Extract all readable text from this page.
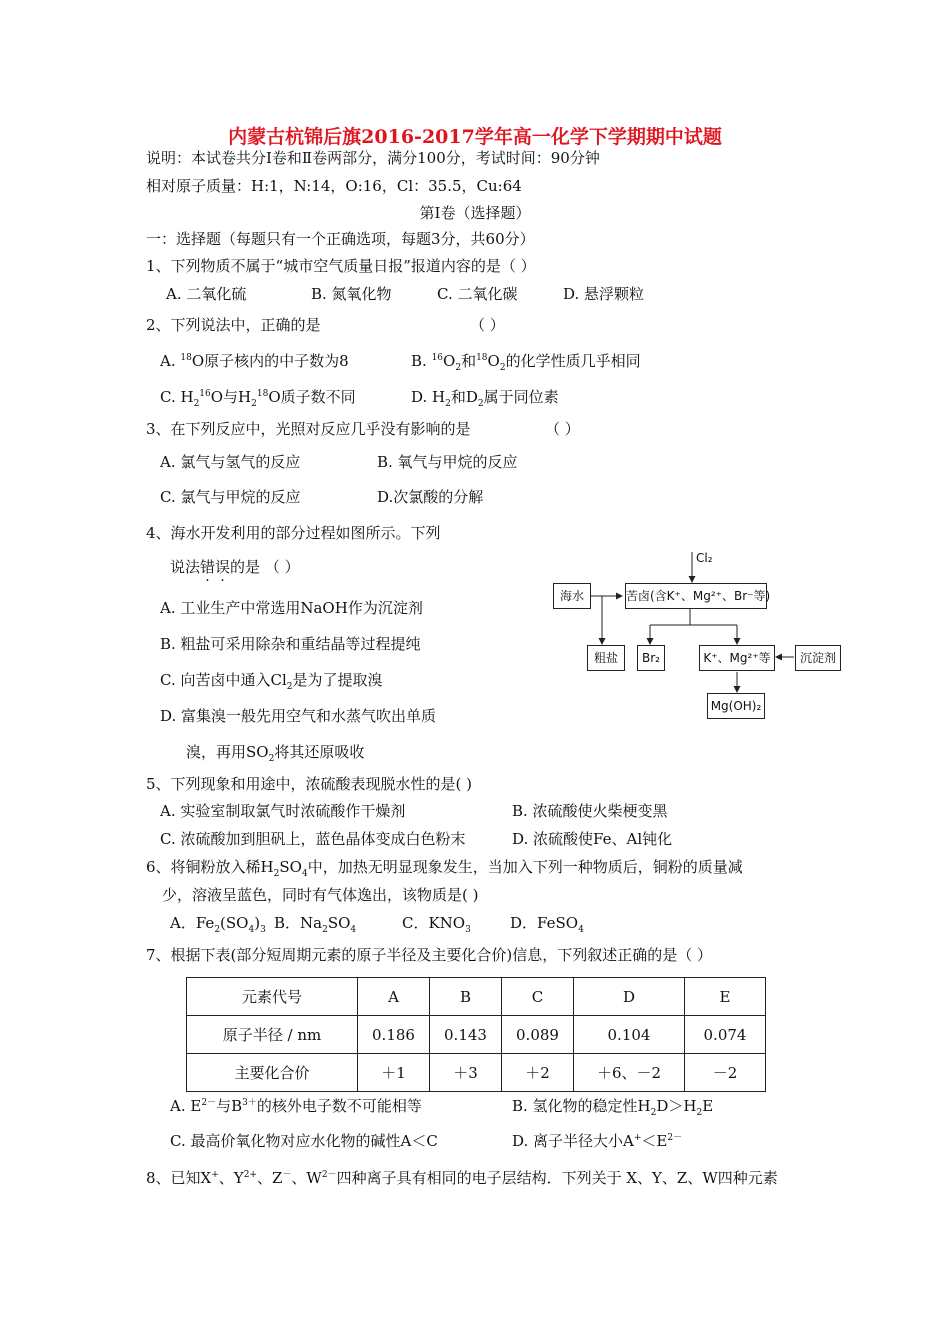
内蒙古杭锦后旗2016-2017学年高一化学下学期期中试题
说明：本试卷共分Ⅰ卷和Ⅱ卷两部分，满分100分，考试时间：90分钟
相对原子质量：H:1，N:14，O:16，Cl：35.5，Cu:64
第Ⅰ卷（选择题）
一：选择题（每题只有一个正确选项，每题3分，共60分）
1、下列物质不属于“城市空气质量日报”报道内容的是（ ）
A. 二氧化硫	B. 氮氧化物	C. 二氧化碳	D. 悬浮颗粒
2、下列说法中，正确的是	（ ）
A. $^{18}$O原子核内的中子数为8	B. $^{16}O_2$和$^{18}O_2$的化学性质几乎相同
C. $H_2^{16}O$与$H_2^{18}O$质子数不同	D. $H_2$和$D_2$属于同位素
3、在下列反应中，光照对反应几乎没有影响的是	（ ）
A. 氯气与氢气的反应	B. 氧气与甲烷的反应
C. 氯气与甲烷的反应	D.次氯酸的分解
4、海水开发利用的部分过程如图所示。下列
说法错误的是 （ ）
A. 工业生产中常选用NaOH作为沉淀剂
B. 粗盐可采用除杂和重结晶等过程提纯
C. 向苦卤中通入$Cl_2$是为了提取溴
D. 富集溴一般先用空气和水蒸气吹出单质
溴，再用$SO_2$将其还原吸收
Cl₂
海水	苦卤(含K⁺、Mg²⁺、Br⁻等)
粗盐	Br₂	K⁺、Mg²⁺等	沉淀剂
Mg(OH)₂
5、下列现象和用途中，浓硫酸表现脱水性的是( )
A. 实验室制取氯气时浓硫酸作干燥剂	B. 浓硫酸使火柴梗变黑
C. 浓硫酸加到胆矾上，蓝色晶体变成白色粉末	D. 浓硫酸使Fe、Al钝化
6、将铜粉放入稀$H_2SO_4$中，加热无明显现象发生，当加入下列一种物质后，铜粉的质量减
少，溶液呈蓝色，同时有气体逸出，该物质是( )
A．$Fe_2(SO_4)_3$ B．$Na_2SO_4$	C．$KNO_3$	D．FeSO$_4$
7、根据下表(部分短周期元素的原子半径及主要化合价)信息，下列叙述正确的是（ ）
元素代号	A	B	C	D	E
原子半径 / nm	0.186	0.143	0.089	0.104	0.074
主要化合价	＋1	＋3	＋2	＋6、－2	－2
A. $E^{2-}$与$B^{3+}$的核外电子数不可能相等	B. 氢化物的稳定性$H_2D>H_2E$
C. 最高价氧化物对应水化物的碱性A＜C	D. 离子半径大小$A^+<E^{2-}$
8、已知X+、$Y^{2+}$、Z－、$W^{2-}$四种离子具有相同的电子层结构．下列关于 X、Y、Z、W四种元素
